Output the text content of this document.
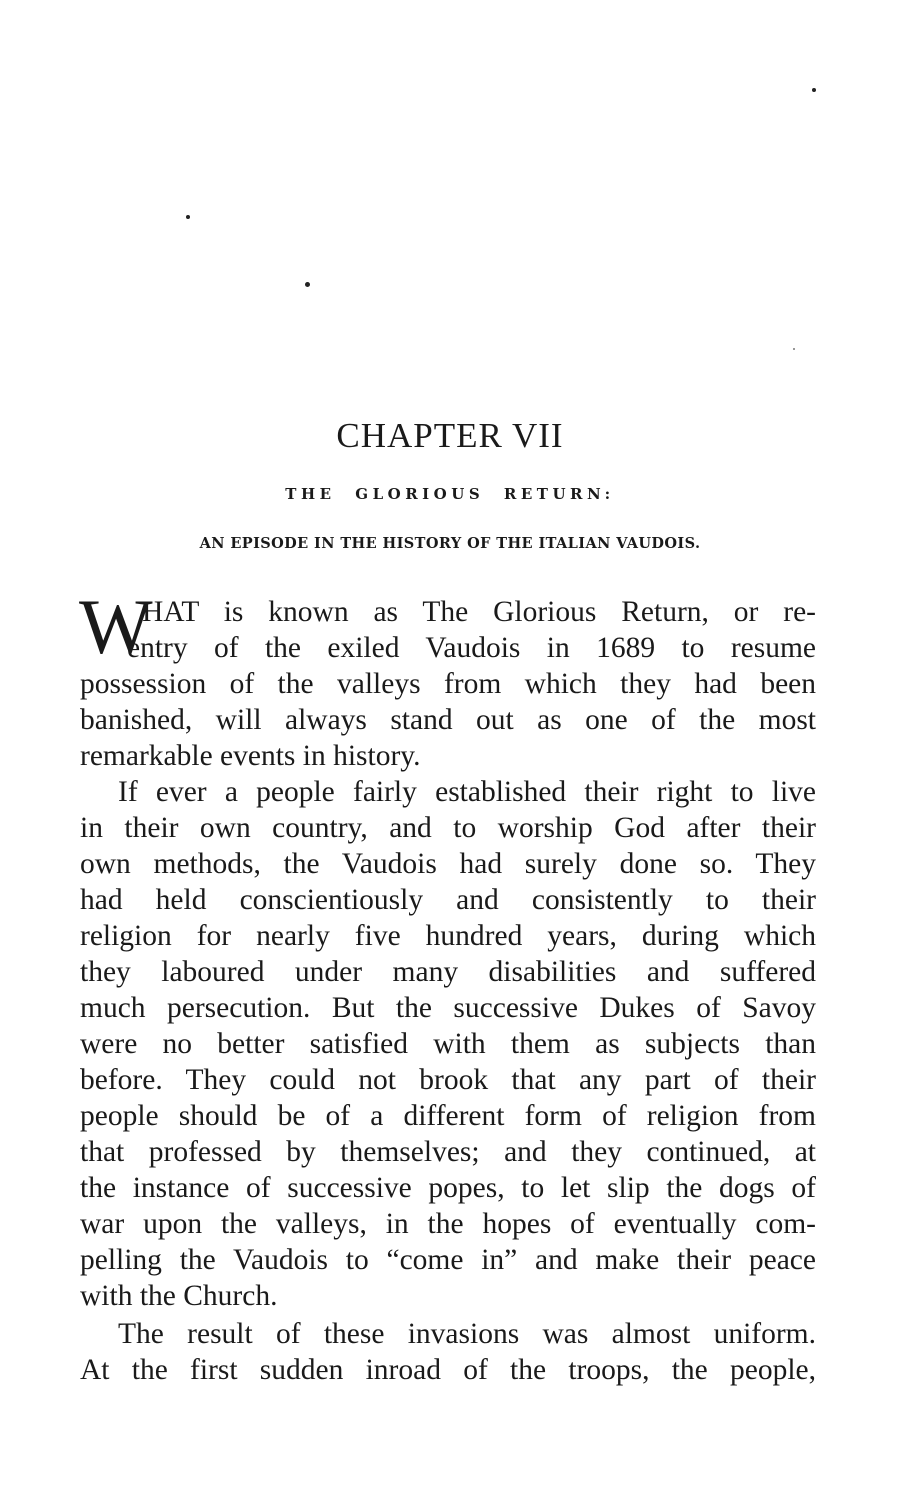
CHAPTER VII
THE GLORIOUS RETURN:
AN EPISODE IN THE HISTORY OF THE ITALIAN VAUDOIS.
W
HAT is known as The Glorious Return, or re-
entry of the exiled Vaudois in 1689 to resume
possession of the valleys from which they had been
banished, will always stand out as one of the most
remarkable events in history.
If ever a people fairly established their right to live
in their own country, and to worship God after their
own methods, the Vaudois had surely done so. They
had held conscientiously and consistently to their
religion for nearly five hundred years, during which
they laboured under many disabilities and suffered
much persecution. But the successive Dukes of Savoy
were no better satisfied with them as subjects than
before. They could not brook that any part of their
people should be of a different form of religion from
that professed by themselves; and they continued, at
the instance of successive popes, to let slip the dogs of
war upon the valleys, in the hopes of eventually com-
pelling the Vaudois to “come in” and make their peace
with the Church.
The result of these invasions was almost uniform.
At the first sudden inroad of the troops, the people,
